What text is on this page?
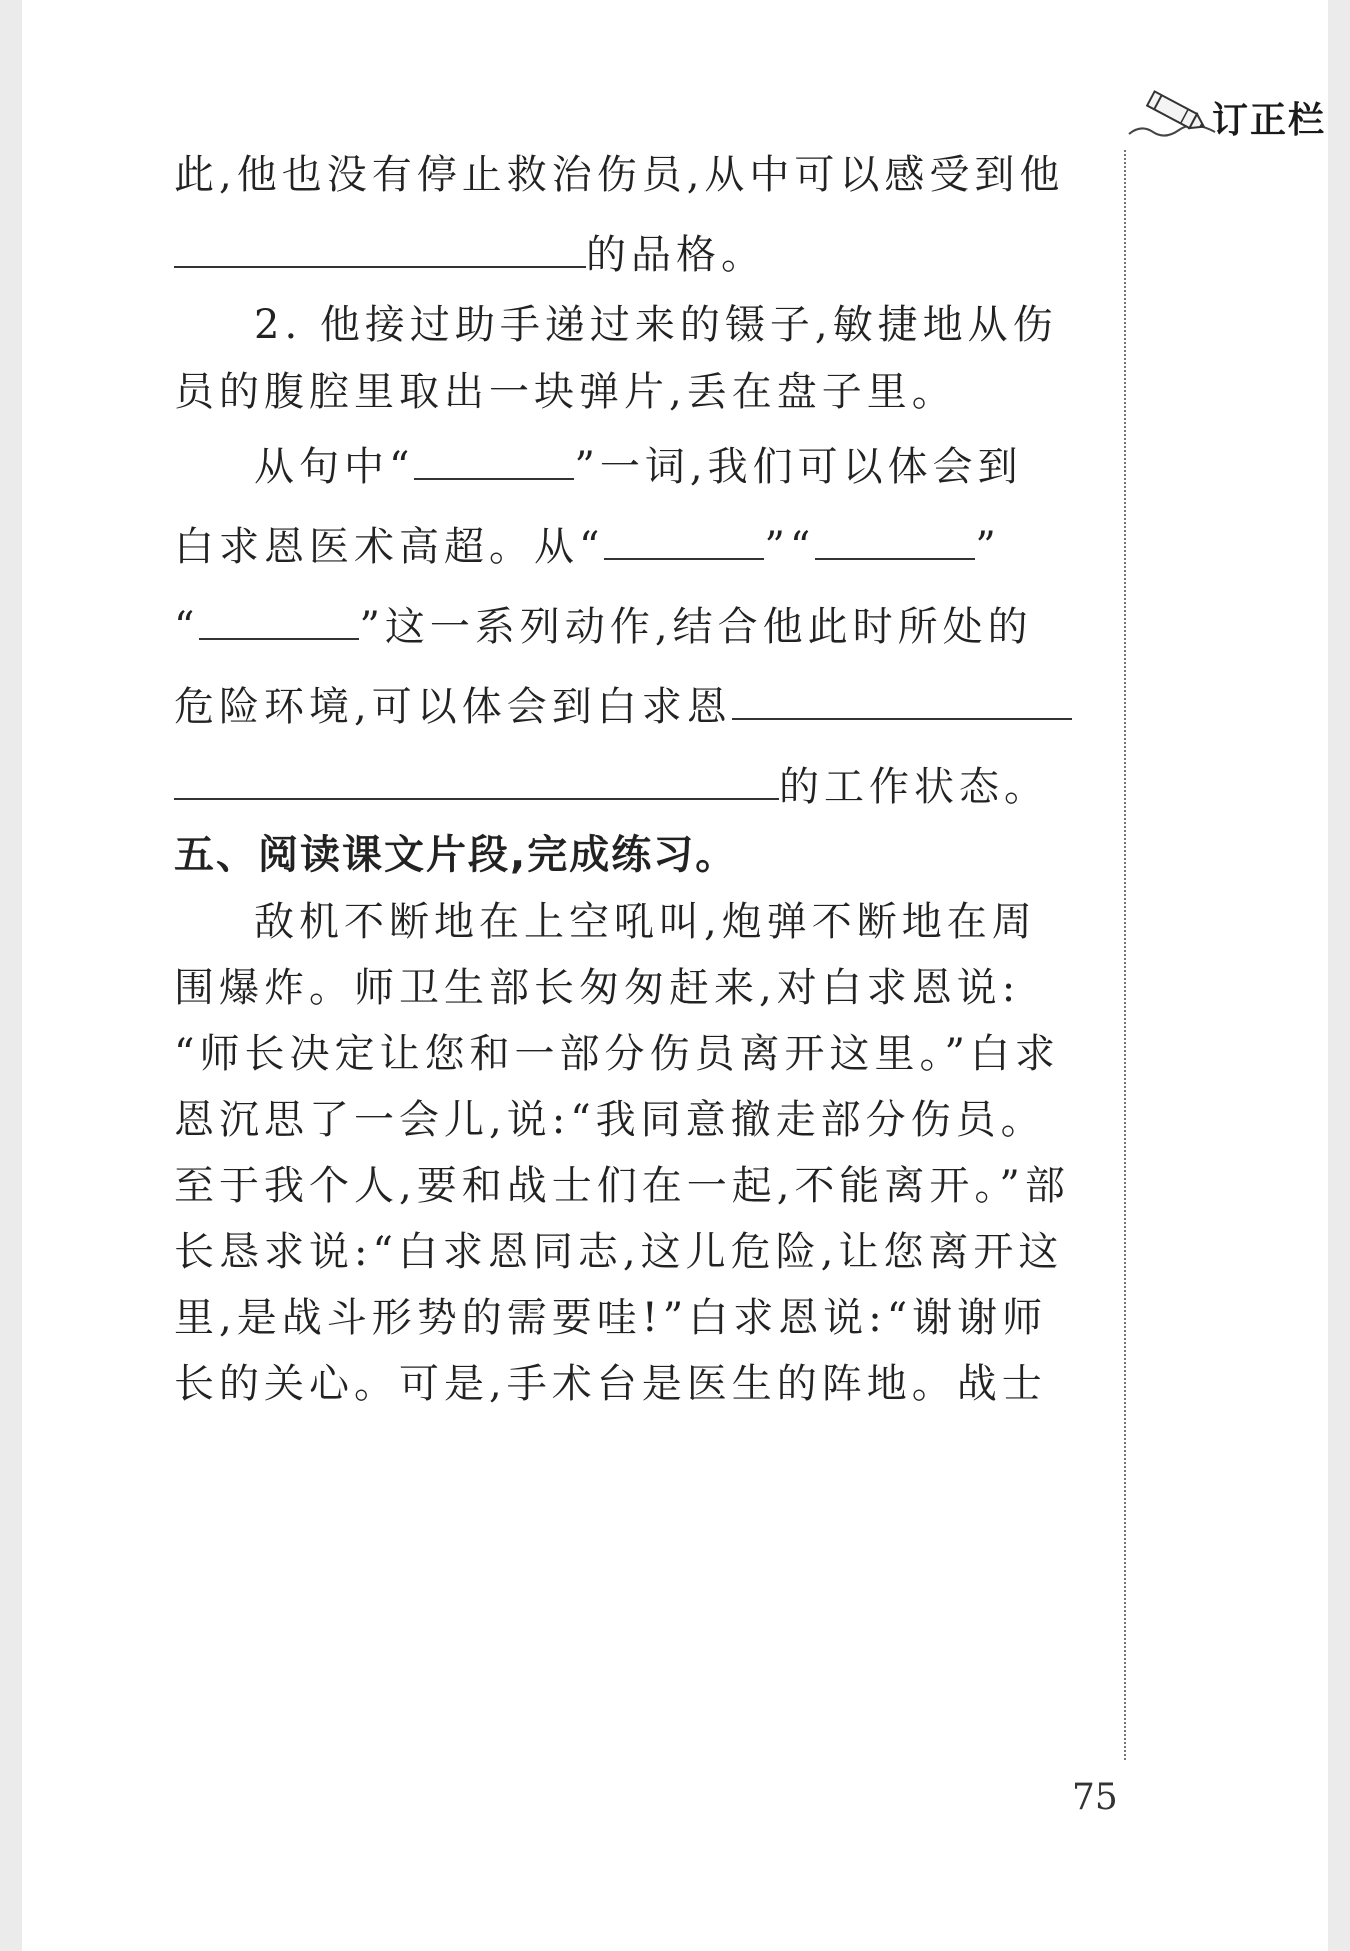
订正栏
此,他也没有停止救治伤员,从中可以感受到他
的品格。
2. 他接过助手递过来的镊子,敏捷地从伤
员的腹腔里取出一块弹片,丢在盘子里。
从句中“	”一词,我们可以体会到
白求恩医术高超。从“	”“	”
“	”这一系列动作,结合他此时所处的
危险环境,可以体会到白求恩
的工作状态。
五、阅读课文片段,完成练习。
敌机不断地在上空吼叫,炮弹不断地在周
围爆炸。师卫生部长匆匆赶来,对白求恩说:
“师长决定让您和一部分伤员离开这里。”白求
恩沉思了一会儿,说:“我同意撤走部分伤员。
至于我个人,要和战士们在一起,不能离开。”部
长恳求说:“白求恩同志,这儿危险,让您离开这
里,是战斗形势的需要哇!”白求恩说:“谢谢师
长的关心。可是,手术台是医生的阵地。战士
75
